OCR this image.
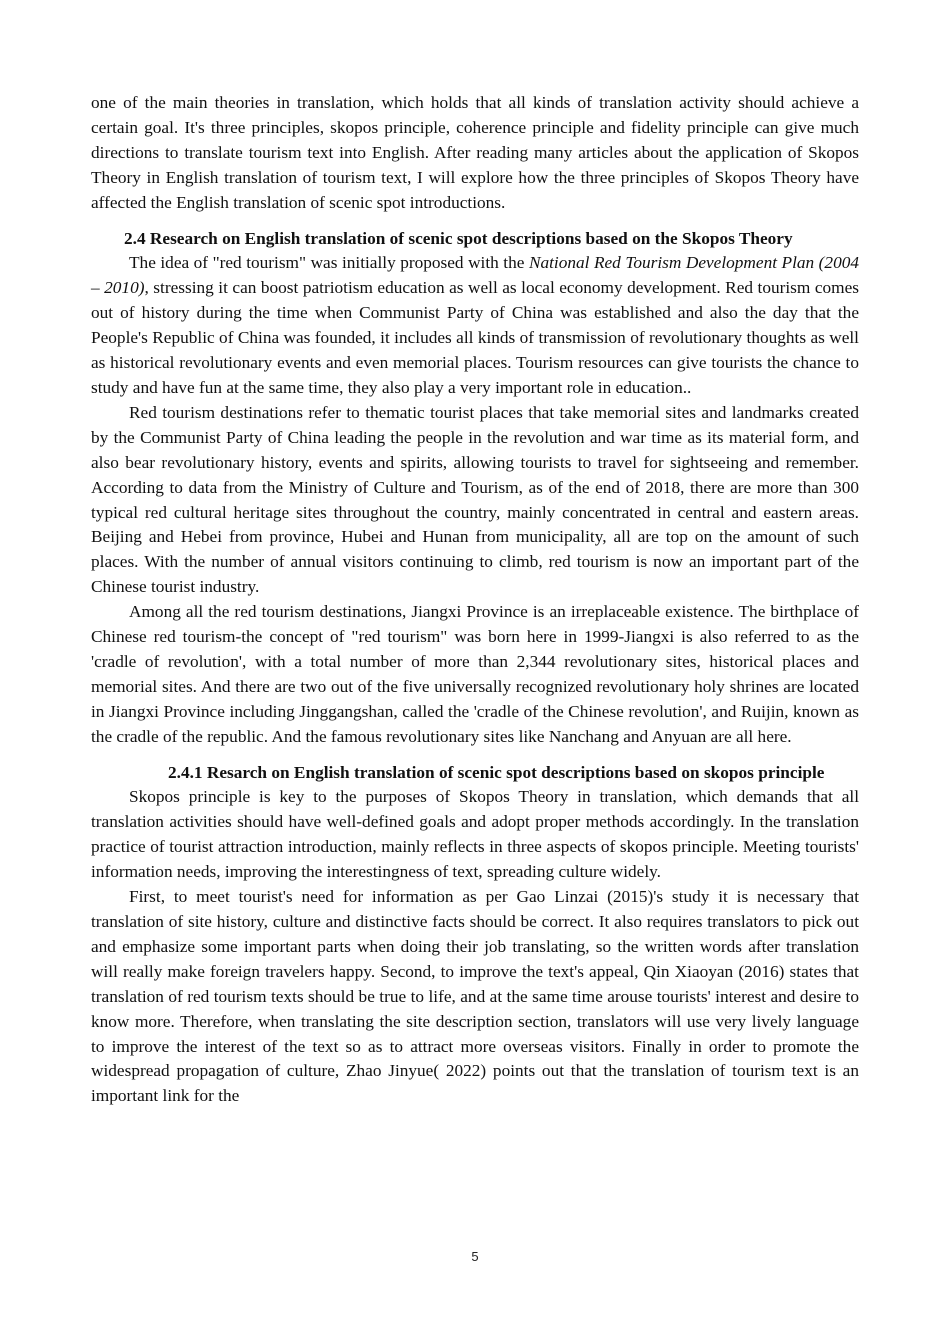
one of the main theories in translation, which holds that all kinds of translation activity should achieve a certain goal. It's three principles, skopos principle, coherence principle and fidelity principle can give much directions to translate tourism text into English. After reading many articles about the application of Skopos Theory in English translation of tourism text, I will explore how the three principles of Skopos Theory have affected the English translation of scenic spot introductions.

2.4 Research on English translation of scenic spot descriptions based on the Skopos Theory

The idea of "red tourism" was initially proposed with the National Red Tourism Development Plan (2004 – 2010), stressing it can boost patriotism education as well as local economy development. Red tourism comes out of history during the time when Communist Party of China was established and also the day that the People's Republic of China was founded, it includes all kinds of transmission of revolutionary thoughts as well as historical revolutionary events and even memorial places. Tourism resources can give tourists the chance to study and have fun at the same time, they also play a very important role in education..

Red tourism destinations refer to thematic tourist places that take memorial sites and landmarks created by the Communist Party of China leading the people in the revolution and war time as its material form, and also bear revolutionary history, events and spirits, allowing tourists to travel for sightseeing and remember. According to data from the Ministry of Culture and Tourism, as of the end of 2018, there are more than 300 typical red cultural heritage sites throughout the country, mainly concentrated in central and eastern areas. Beijing and Hebei from province, Hubei and Hunan from municipality, all are top on the amount of such places. With the number of annual visitors continuing to climb, red tourism is now an important part of the Chinese tourist industry.

Among all the red tourism destinations, Jiangxi Province is an irreplaceable existence. The birthplace of Chinese red tourism-the concept of "red tourism" was born here in 1999-Jiangxi is also referred to as the 'cradle of revolution', with a total number of more than 2,344 revolutionary sites, historical places and memorial sites. And there are two out of the five universally recognized revolutionary holy shrines are located in Jiangxi Province including Jinggangshan, called the 'cradle of the Chinese revolution', and Ruijin, known as the cradle of the republic. And the famous revolutionary sites like Nanchang and Anyuan are all here.

2.4.1 Resarch on English translation of scenic spot descriptions based on skopos principle

Skopos principle is key to the purposes of Skopos Theory in translation, which demands that all translation activities should have well-defined goals and adopt proper methods accordingly. In the translation practice of tourist attraction introduction, mainly reflects in three aspects of skopos principle. Meeting tourists' information needs, improving the interestingness of text, spreading culture widely.

First, to meet tourist's need for information as per Gao Linzai (2015)'s study it is necessary that translation of site history, culture and distinctive facts should be correct. It also requires translators to pick out and emphasize some important parts when doing their job translating, so the written words after translation will really make foreign travelers happy. Second, to improve the text's appeal, Qin Xiaoyan (2016) states that translation of red tourism texts should be true to life, and at the same time arouse tourists' interest and desire to know more. Therefore, when translating the site description section, translators will use very lively language to improve the interest of the text so as to attract more overseas visitors. Finally in order to promote the widespread propagation of culture, Zhao Jinyue( 2022) points out that the translation of tourism text is an important link for the

5
